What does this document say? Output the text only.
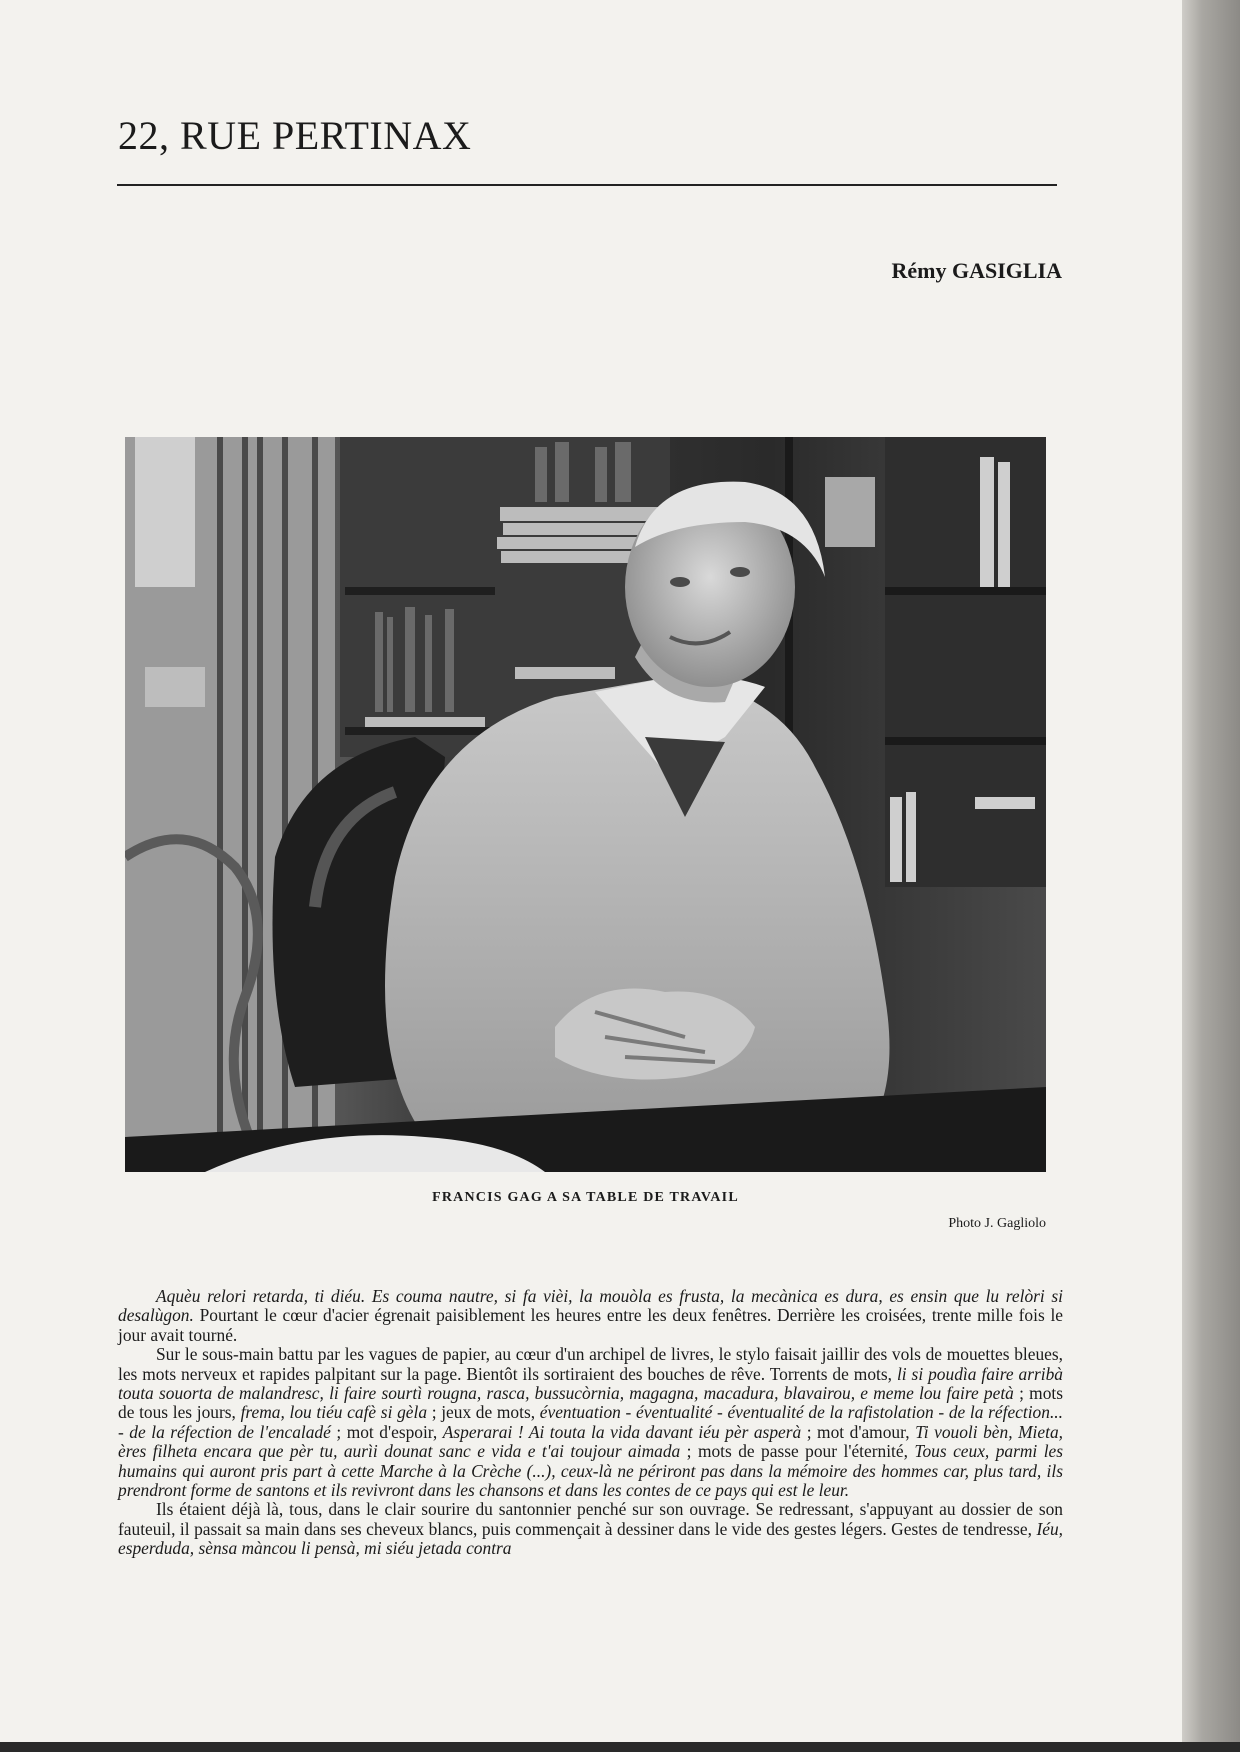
22, RUE PERTINAX
Rémy GASIGLIA
FRANCIS GAG A SA TABLE DE TRAVAIL
Photo J. Gagliolo

Aquèu relori retarda, ti diéu. Es couma nautre, si fa vièi, la mouòla es frusta, la mecànica es dura, es ensin que lu relòri si desalùgon. Pourtant le cœur d'acier égrenait paisiblement les heures entre les deux fenêtres. Derrière les croisées, trente mille fois le jour avait tourné.

Sur le sous-main battu par les vagues de papier, au cœur d'un archipel de livres, le stylo faisait jaillir des vols de mouettes bleues, les mots nerveux et rapides palpitant sur la page. Bientôt ils sortiraient des bouches de rêve. Torrents de mots, li si poudìa faire arribà touta souorta de malandresc, li faire sourtì rougna, rasca, bussucòrnia, magagna, macadura, blavairou, e meme lou faire petà ; mots de tous les jours, frema, lou tiéu cafè si gèla ; jeux de mots, éventuation - éventualité - éventualité de la rafistolation - de la réfection... - de la réfection de l'encaladé ; mot d'espoir, Asperarai ! Ai touta la vida davant iéu pèr asperà ; mot d'amour, Ti vouoli bèn, Mieta, ères filheta encara que pèr tu, aurìi dounat sanc e vida e t'ai toujour aimada ; mots de passe pour l'éternité, Tous ceux, parmi les humains qui auront pris part à cette Marche à la Crèche (...), ceux-là ne périront pas dans la mémoire des hommes car, plus tard, ils prendront forme de santons et ils revivront dans les chansons et dans les contes de ce pays qui est le leur.

Ils étaient déjà là, tous, dans le clair sourire du santonnier penché sur son ouvrage. Se redressant, s'appuyant au dossier de son fauteuil, il passait sa main dans ses cheveux blancs, puis commençait à dessiner dans le vide des gestes légers. Gestes de tendresse, Iéu, esperduda, sènsa màncou li pensà, mi siéu jetada contra
